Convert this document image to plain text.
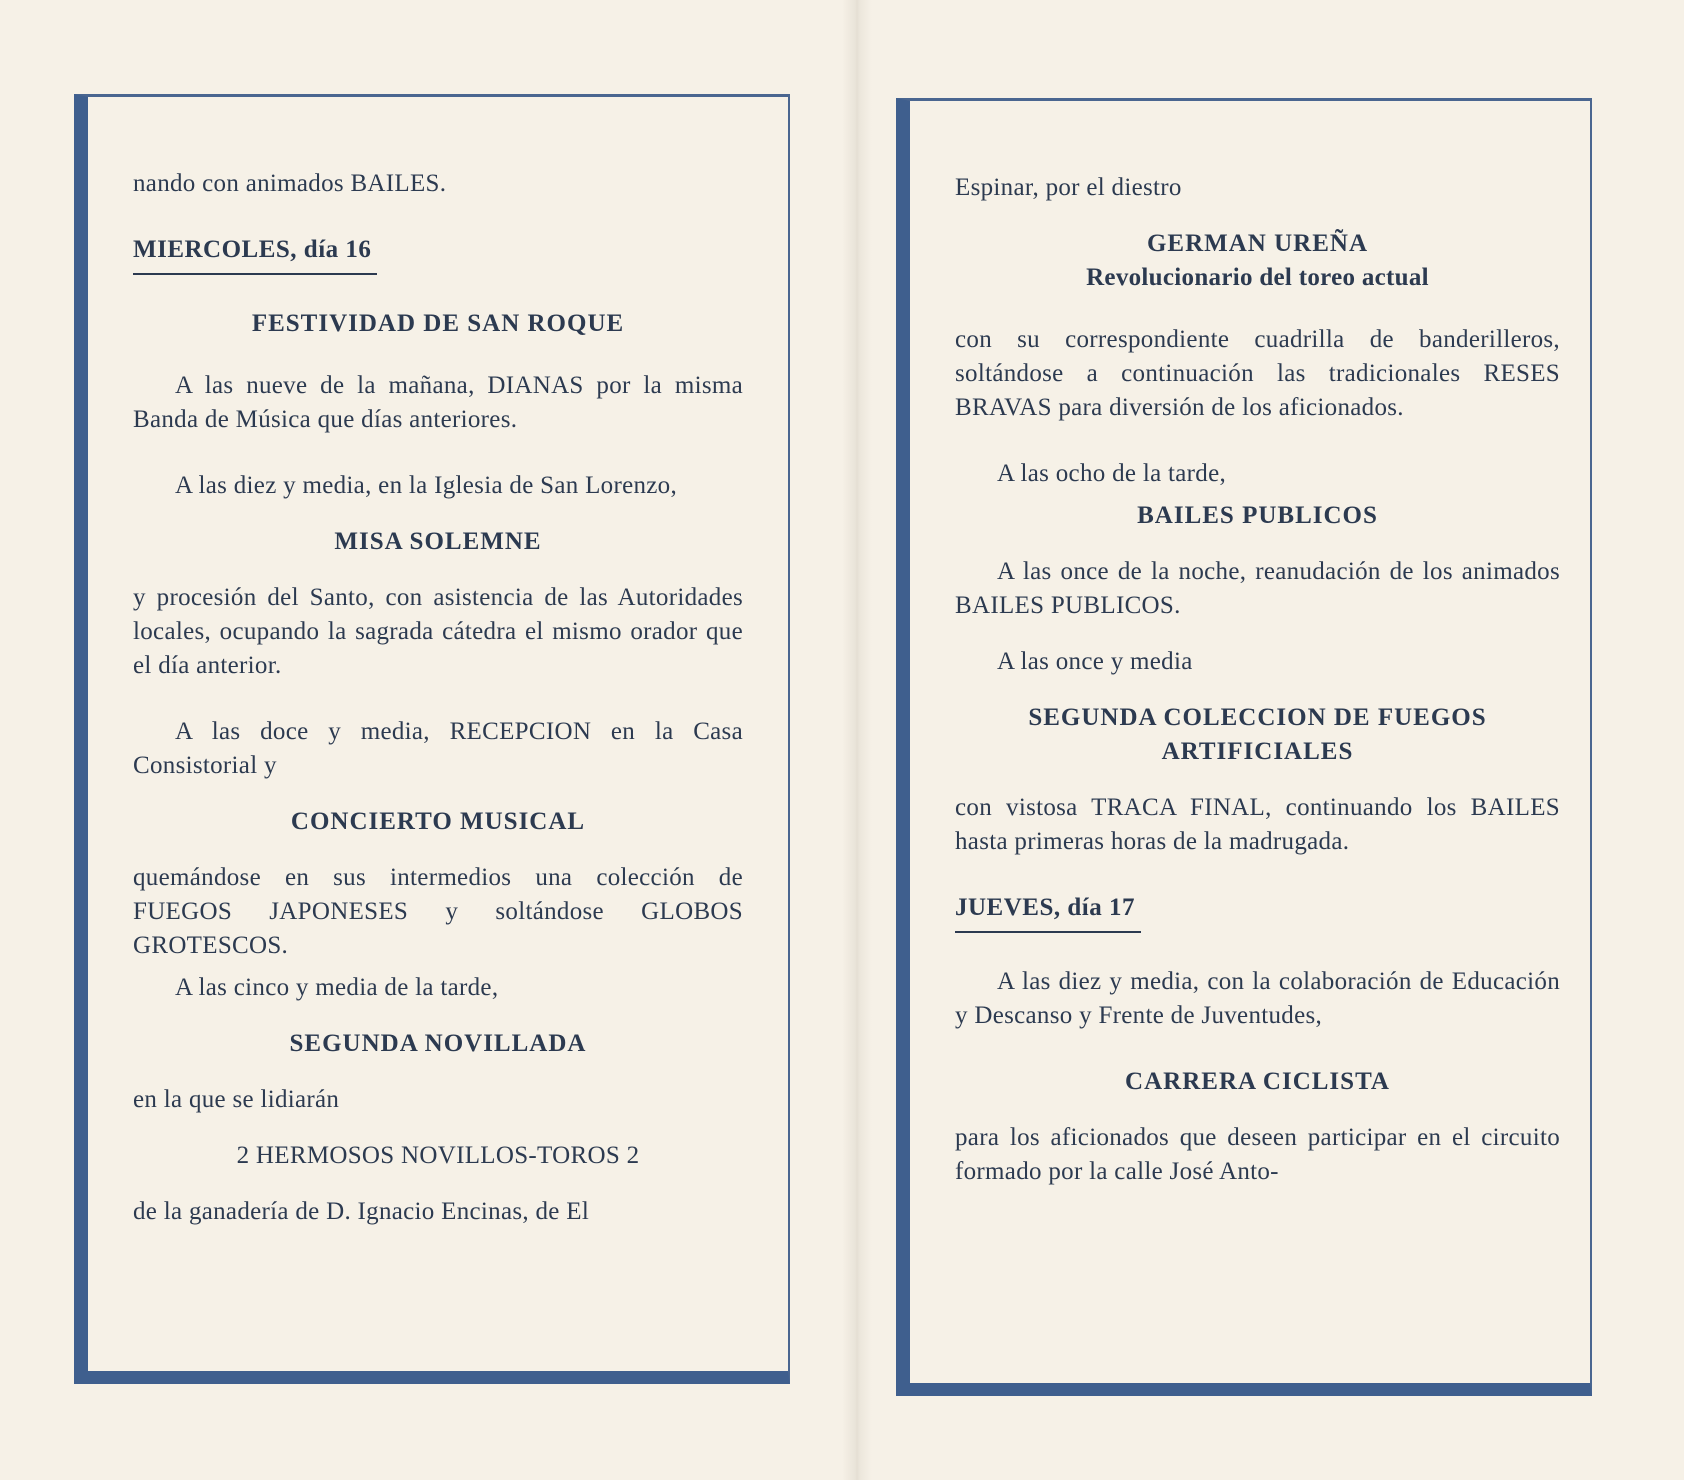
nando con animados BAILES.

MIERCOLES, día 16

FESTIVIDAD DE SAN ROQUE

A las nueve de la mañana, DIANAS por la misma Banda de Música que días anteriores.

A las diez y media, en la Iglesia de San Lorenzo,

MISA SOLEMNE

y procesión del Santo, con asistencia de las Autoridades locales, ocupando la sagrada cátedra el mismo orador que el día anterior.

A las doce y media, RECEPCION en la Casa Consistorial y

CONCIERTO MUSICAL

quemándose en sus intermedios una colección de FUEGOS JAPONESES y soltándose GLOBOS GROTESCOS.

A las cinco y media de la tarde,

SEGUNDA NOVILLADA

en la que se lidiarán

2 HERMOSOS NOVILLOS-TOROS 2

de la ganadería de D. Ignacio Encinas, de El

Espinar, por el diestro

GERMAN UREÑA

Revolucionario del toreo actual

con su correspondiente cuadrilla de banderilleros, soltándose a continuación las tradicionales RESES BRAVAS para diversión de los aficionados.

A las ocho de la tarde,

BAILES PUBLICOS

A las once de la noche, reanudación de los animados BAILES PUBLICOS.

A las once y media

SEGUNDA COLECCION DE FUEGOS ARTIFICIALES

con vistosa TRACA FINAL, continuando los BAILES hasta primeras horas de la madrugada.

JUEVES, día 17

A las diez y media, con la colaboración de Educación y Descanso y Frente de Juventudes,

CARRERA CICLISTA

para los aficionados que deseen participar en el circuito formado por la calle José Anto-
